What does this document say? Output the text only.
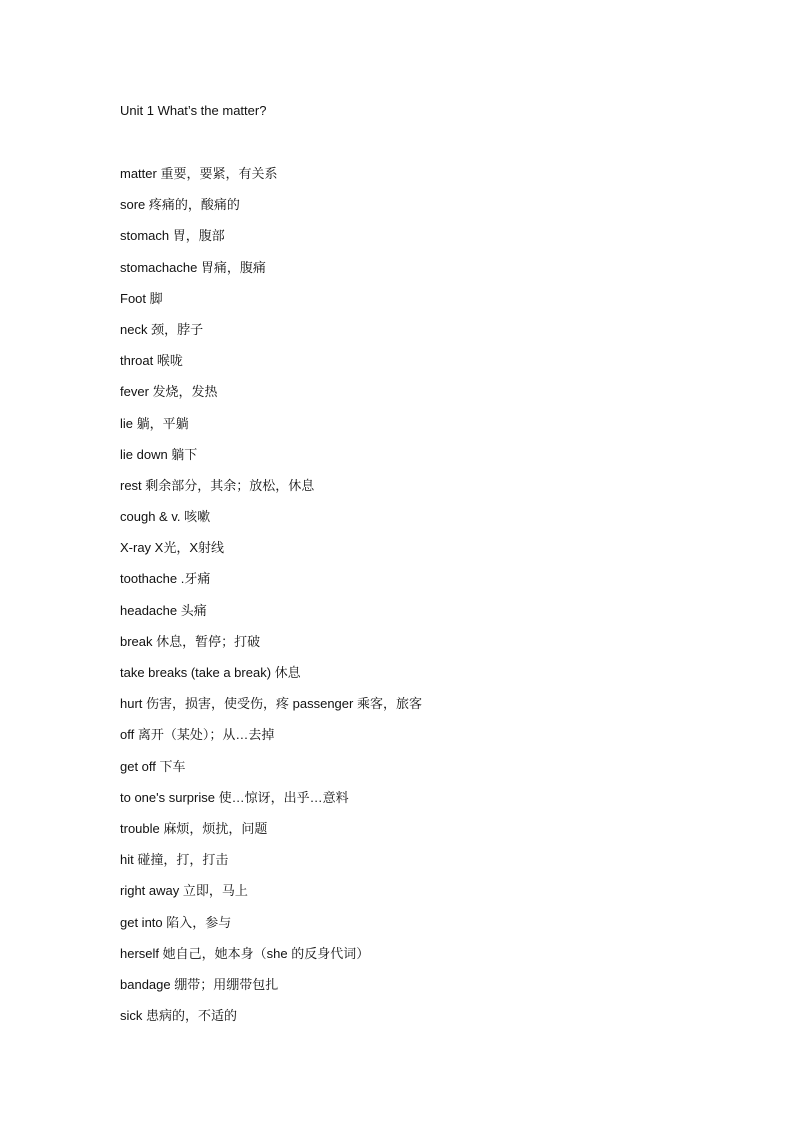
Unit 1 What’s the matter?
matter 重要，要紧，有关系
sore 疼痛的，酸痛的
stomach 胃，腹部
stomachache 胃痛，腹痛
Foot 脚
neck 颈，脖子
throat 喉咙
fever 发烧，发热
lie 躺，平躺
lie down 躺下
rest 剩余部分，其余；放松，休息
cough & v. 咳嗽
X-ray X光，X射线
toothache .牙痛
headache 头痛
break 休息，暂停；打破
take breaks (take a break) 休息
hurt 伤害，损害，使受伤，疼 passenger 乘客，旅客
off 离开（某处）；从…去掉
get off 下车
to one's surprise 使…惊讶，出乎…意料
trouble 麻烦，烦扰，问题
hit 碰撞，打，打击
right away 立即，马上
get into 陷入，参与
herself 她自己，她本身（she 的反身代词）
bandage 绷带；用绷带包扎
sick 患病的，不适的
